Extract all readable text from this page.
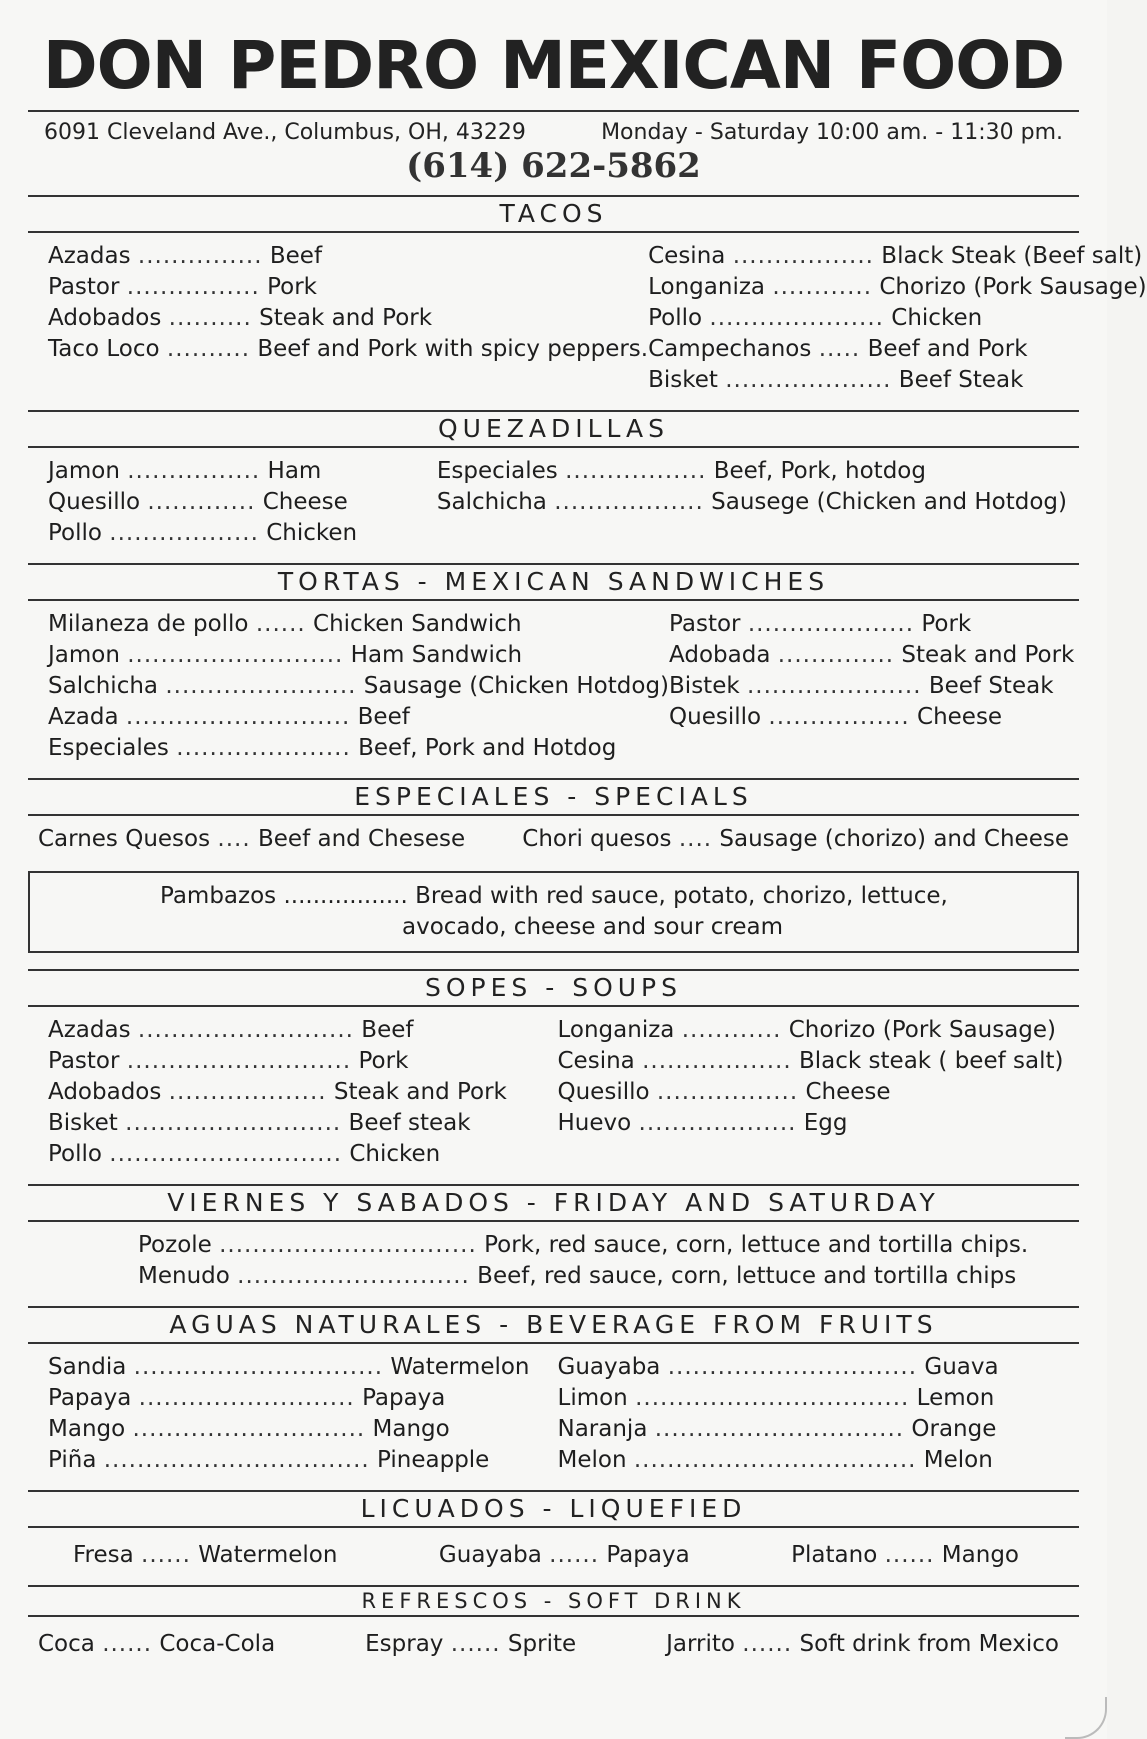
DON PEDRO MEXICAN FOOD
6091 Cleveland Ave., Columbus, OH, 43229	Monday - Saturday 10:00 am. - 11:30 pm.
(614) 622-5862
TACOS
Azadas ............... Beef
Pastor ................ Pork
Adobados .......... Steak and Pork
Taco Loco .......... Beef and Pork with spicy peppers.
Cesina ................. Black Steak (Beef salt)
Longaniza ............ Chorizo (Pork Sausage)
Pollo ..................... Chicken
Campechanos ..... Beef and Pork
Bisket .................... Beef Steak
QUEZADILLAS
Jamon ................ Ham
Quesillo ............. Cheese
Pollo .................. Chicken
Especiales ................. Beef, Pork, hotdog
Salchicha .................. Sausege (Chicken and Hotdog)
TORTAS - MEXICAN SANDWICHES
Milaneza de pollo ...... Chicken Sandwich
Jamon .......................... Ham Sandwich
Salchicha ....................... Sausage (Chicken Hotdog)
Azada ........................... Beef
Especiales ..................... Beef, Pork and Hotdog
Pastor .................... Pork
Adobada .............. Steak and Pork
Bistek ..................... Beef Steak
Quesillo ................. Cheese
ESPECIALES - SPECIALS
Carnes Quesos .... Beef and Chesese Chori quesos .... Sausage (chorizo) and Cheese
Pambazos ................. Bread with red sauce, potato, chorizo, lettuce,
avocado, cheese and sour cream
SOPES - SOUPS
Azadas .......................... Beef
Pastor ........................... Pork
Adobados ................... Steak and Pork
Bisket .......................... Beef steak
Pollo ............................ Chicken
Longaniza ............ Chorizo (Pork Sausage)
Cesina .................. Black steak ( beef salt)
Quesillo ................. Cheese
Huevo ................... Egg
VIERNES Y SABADOS - FRIDAY AND SATURDAY
Pozole ............................... Pork, red sauce, corn, lettuce and tortilla chips.
Menudo ............................ Beef, red sauce, corn, lettuce and tortilla chips
AGUAS NATURALES - BEVERAGE FROM FRUITS
Sandia .............................. Watermelon
Papaya .......................... Papaya
Mango ............................ Mango
Piña ................................ Pineapple
Guayaba .............................. Guava
Limon ................................. Lemon
Naranja .............................. Orange
Melon .................................. Melon
LICUADOS - LIQUEFIED
Fresa ...... Watermelon	Guayaba ...... Papaya	Platano ...... Mango
REFRESCOS - SOFT DRINK
Coca ...... Coca-Cola	Espray ...... Sprite	Jarrito ...... Soft drink from Mexico
